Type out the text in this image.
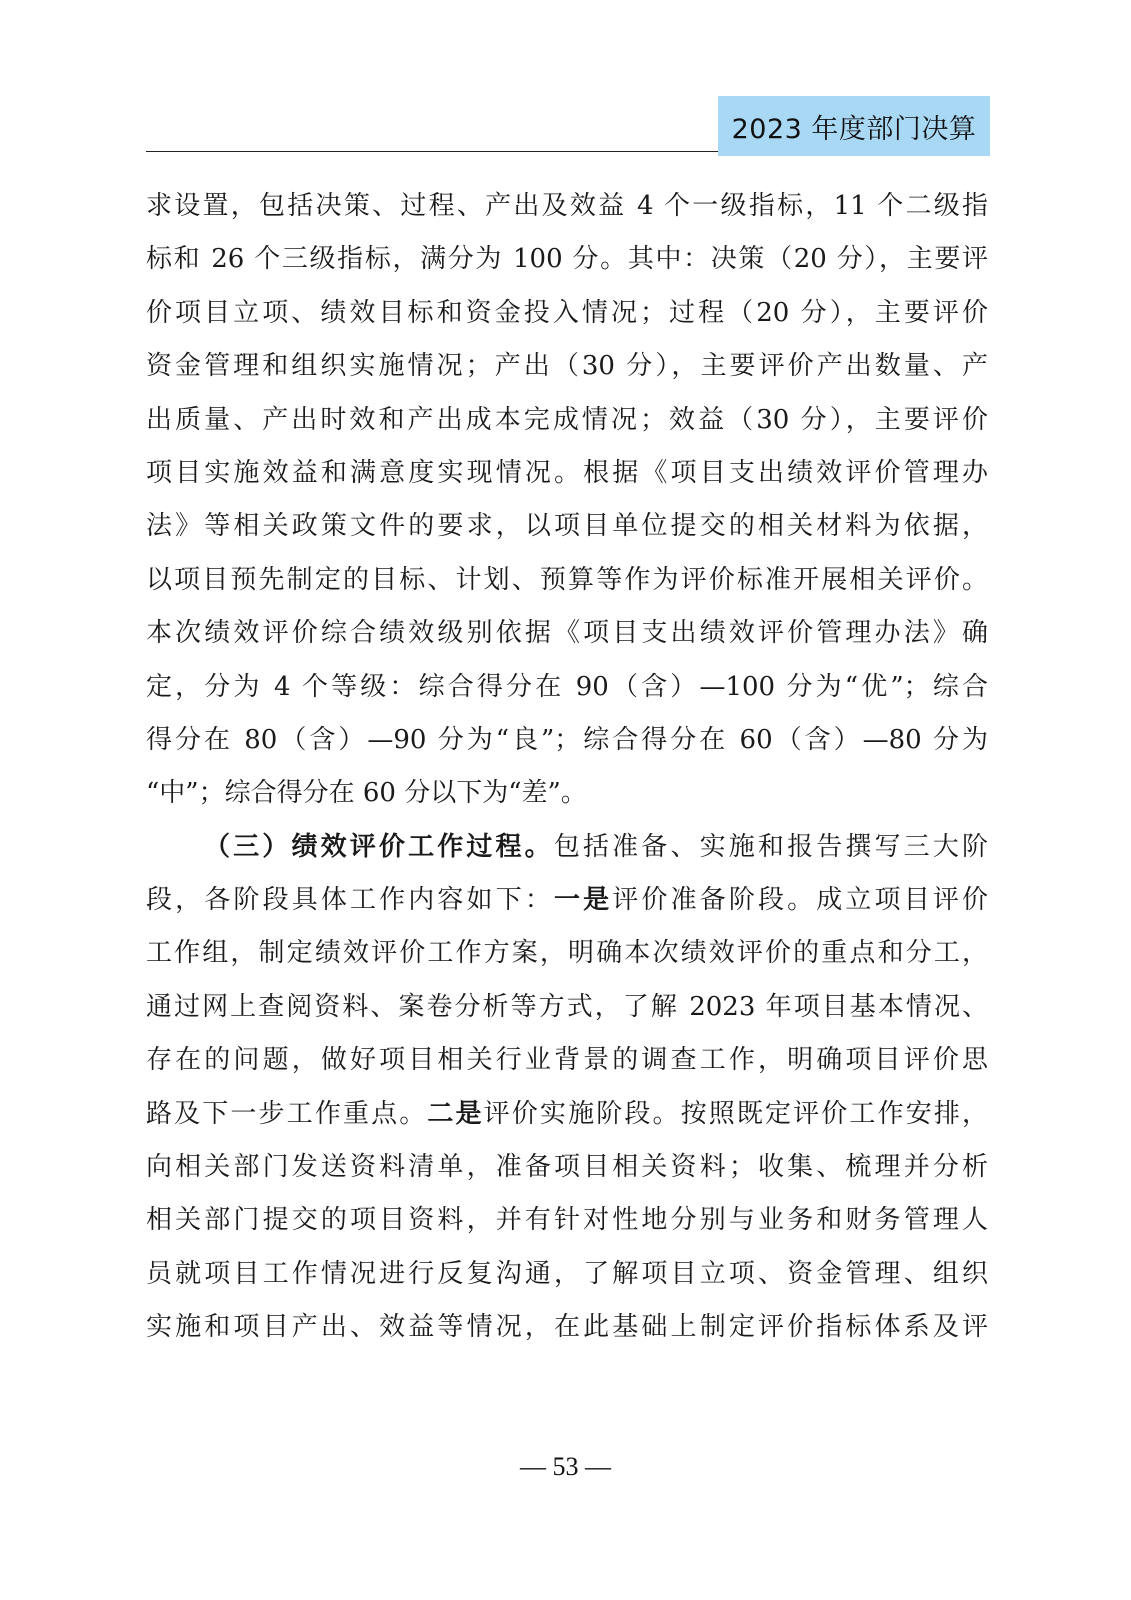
2023 年度部门决算
求设置，包括决策、过程、产出及效益 4 个一级指标，11 个二级指
标和 26 个三级指标，满分为 100 分。其中：决策（20 分），主要评
价项目立项、绩效目标和资金投入情况；过程（20 分），主要评价
资金管理和组织实施情况；产出（30 分），主要评价产出数量、产
出质量、产出时效和产出成本完成情况；效益（30 分），主要评价
项目实施效益和满意度实现情况。根据《项目支出绩效评价管理办
法》等相关政策文件的要求，以项目单位提交的相关材料为依据，
以项目预先制定的目标、计划、预算等作为评价标准开展相关评价。
本次绩效评价综合绩效级别依据《项目支出绩效评价管理办法》确
定，分为 4 个等级：综合得分在 90（含）—100 分为“优”；综合
得分在 80（含）—90 分为“良”；综合得分在 60（含）—80 分为
“中”；综合得分在 60 分以下为“差”。
（三）绩效评价工作过程。包括准备、实施和报告撰写三大阶
段，各阶段具体工作内容如下：一是评价准备阶段。成立项目评价
工作组，制定绩效评价工作方案，明确本次绩效评价的重点和分工，
通过网上查阅资料、案卷分析等方式，了解 2023 年项目基本情况、
存在的问题，做好项目相关行业背景的调查工作，明确项目评价思
路及下一步工作重点。二是评价实施阶段。按照既定评价工作安排，
向相关部门发送资料清单，准备项目相关资料；收集、梳理并分析
相关部门提交的项目资料，并有针对性地分别与业务和财务管理人
员就项目工作情况进行反复沟通，了解项目立项、资金管理、组织
实施和项目产出、效益等情况，在此基础上制定评价指标体系及评
— 53 —
